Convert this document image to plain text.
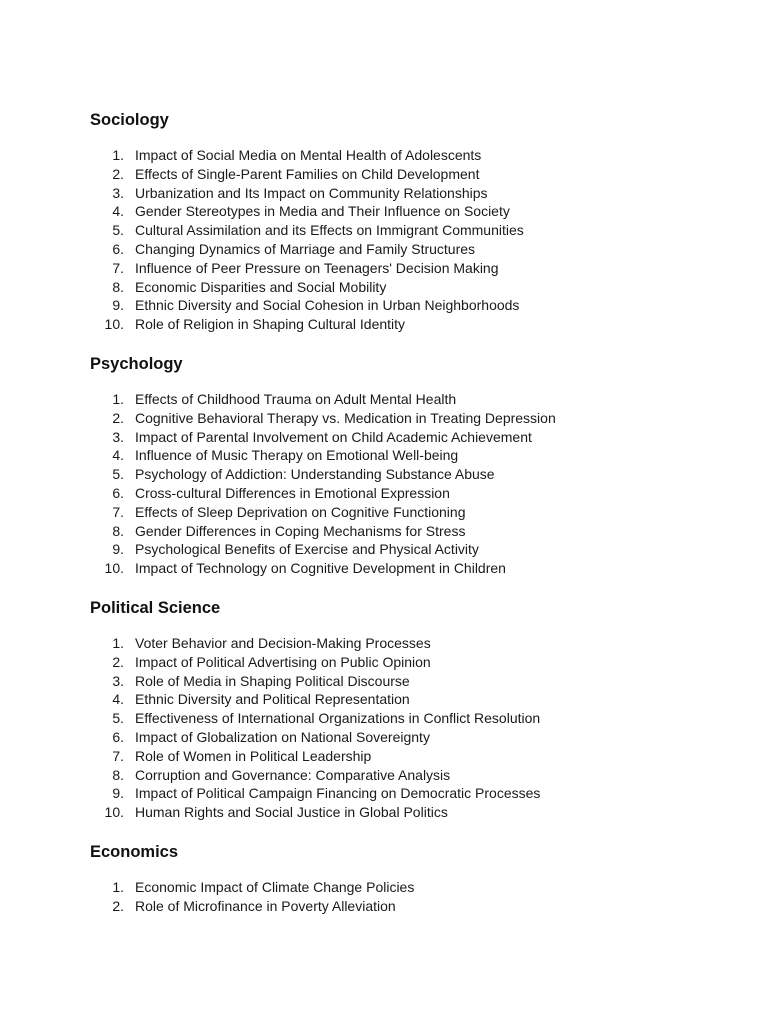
Sociology
1. Impact of Social Media on Mental Health of Adolescents
2. Effects of Single-Parent Families on Child Development
3. Urbanization and Its Impact on Community Relationships
4. Gender Stereotypes in Media and Their Influence on Society
5. Cultural Assimilation and its Effects on Immigrant Communities
6. Changing Dynamics of Marriage and Family Structures
7. Influence of Peer Pressure on Teenagers' Decision Making
8. Economic Disparities and Social Mobility
9. Ethnic Diversity and Social Cohesion in Urban Neighborhoods
10. Role of Religion in Shaping Cultural Identity
Psychology
1. Effects of Childhood Trauma on Adult Mental Health
2. Cognitive Behavioral Therapy vs. Medication in Treating Depression
3. Impact of Parental Involvement on Child Academic Achievement
4. Influence of Music Therapy on Emotional Well-being
5. Psychology of Addiction: Understanding Substance Abuse
6. Cross-cultural Differences in Emotional Expression
7. Effects of Sleep Deprivation on Cognitive Functioning
8. Gender Differences in Coping Mechanisms for Stress
9. Psychological Benefits of Exercise and Physical Activity
10. Impact of Technology on Cognitive Development in Children
Political Science
1. Voter Behavior and Decision-Making Processes
2. Impact of Political Advertising on Public Opinion
3. Role of Media in Shaping Political Discourse
4. Ethnic Diversity and Political Representation
5. Effectiveness of International Organizations in Conflict Resolution
6. Impact of Globalization on National Sovereignty
7. Role of Women in Political Leadership
8. Corruption and Governance: Comparative Analysis
9. Impact of Political Campaign Financing on Democratic Processes
10. Human Rights and Social Justice in Global Politics
Economics
1. Economic Impact of Climate Change Policies
2. Role of Microfinance in Poverty Alleviation
